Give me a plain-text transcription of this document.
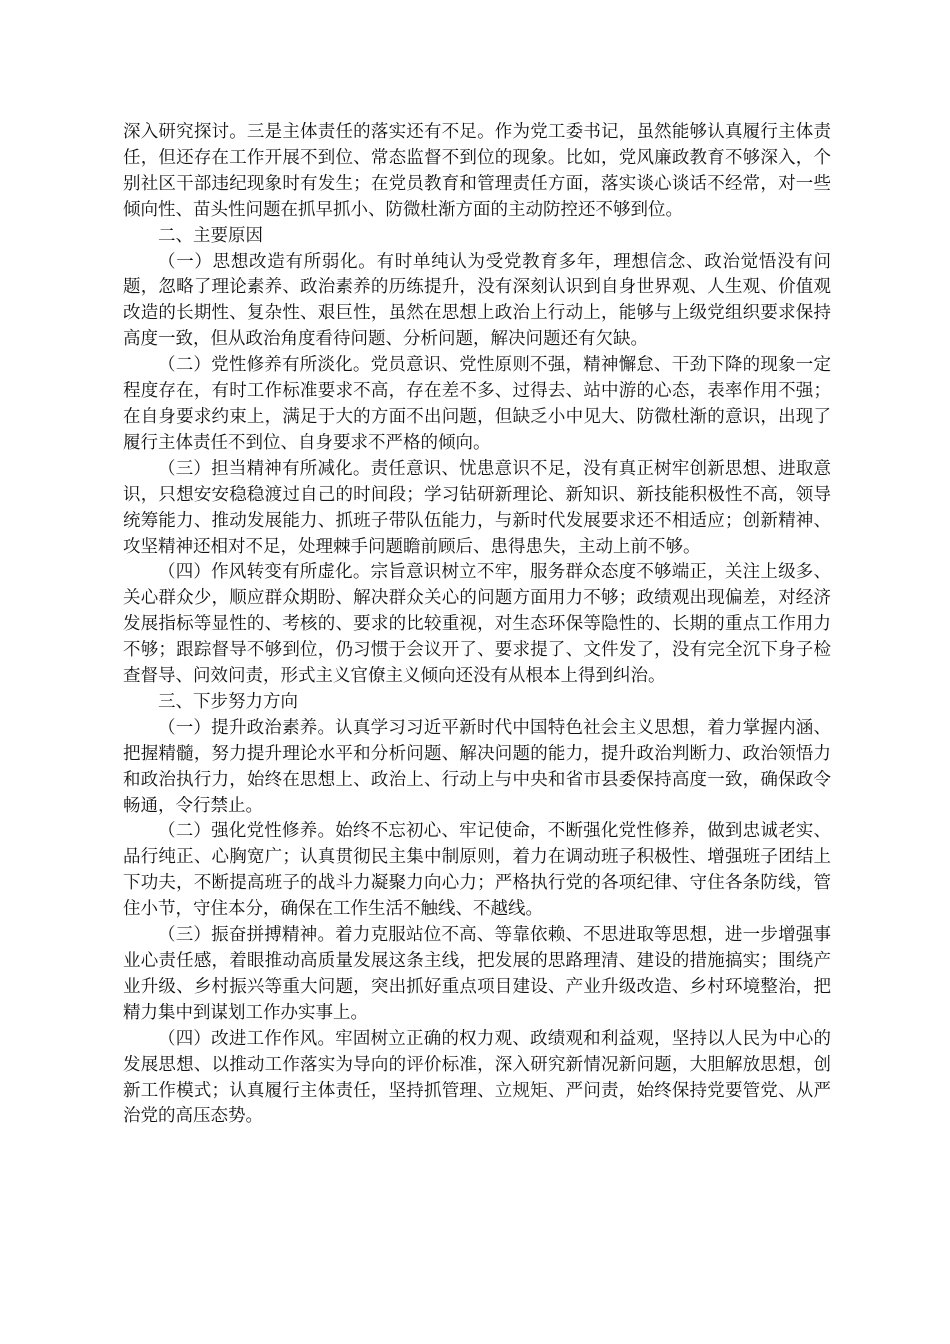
深入研究探讨。三是主体责任的落实还有不足。作为党工委书记，虽然能够认真履行主体责任，但还存在工作开展不到位、常态监督不到位的现象。比如，党风廉政教育不够深入，个别社区干部违纪现象时有发生；在党员教育和管理责任方面，落实谈心谈话不经常，对一些倾向性、苗头性问题在抓早抓小、防微杜渐方面的主动防控还不够到位。

二、主要原因

（一）思想改造有所弱化。有时单纯认为受党教育多年，理想信念、政治觉悟没有问题，忽略了理论素养、政治素养的历练提升，没有深刻认识到自身世界观、人生观、价值观改造的长期性、复杂性、艰巨性，虽然在思想上政治上行动上，能够与上级党组织要求保持高度一致，但从政治角度看待问题、分析问题，解决问题还有欠缺。

（二）党性修养有所淡化。党员意识、党性原则不强，精神懈怠、干劲下降的现象一定程度存在，有时工作标准要求不高，存在差不多、过得去、站中游的心态，表率作用不强；在自身要求约束上，满足于大的方面不出问题，但缺乏小中见大、防微杜渐的意识，出现了履行主体责任不到位、自身要求不严格的倾向。

（三）担当精神有所减化。责任意识、忧患意识不足，没有真正树牢创新思想、进取意识，只想安安稳稳渡过自己的时间段；学习钻研新理论、新知识、新技能积极性不高，领导统筹能力、推动发展能力、抓班子带队伍能力，与新时代发展要求还不相适应；创新精神、攻坚精神还相对不足，处理棘手问题瞻前顾后、患得患失，主动上前不够。

（四）作风转变有所虚化。宗旨意识树立不牢，服务群众态度不够端正，关注上级多、关心群众少，顺应群众期盼、解决群众关心的问题方面用力不够；政绩观出现偏差，对经济发展指标等显性的、考核的、要求的比较重视，对生态环保等隐性的、长期的重点工作用力不够；跟踪督导不够到位，仍习惯于会议开了、要求提了、文件发了，没有完全沉下身子检查督导、问效问责，形式主义官僚主义倾向还没有从根本上得到纠治。

三、下步努力方向

（一）提升政治素养。认真学习习近平新时代中国特色社会主义思想，着力掌握内涵、把握精髓，努力提升理论水平和分析问题、解决问题的能力，提升政治判断力、政治领悟力和政治执行力，始终在思想上、政治上、行动上与中央和省市县委保持高度一致，确保政令畅通，令行禁止。

（二）强化党性修养。始终不忘初心、牢记使命，不断强化党性修养，做到忠诚老实、品行纯正、心胸宽广；认真贯彻民主集中制原则，着力在调动班子积极性、增强班子团结上下功夫，不断提高班子的战斗力凝聚力向心力；严格执行党的各项纪律、守住各条防线，管住小节，守住本分，确保在工作生活不触线、不越线。

（三）振奋拼搏精神。着力克服站位不高、等靠依赖、不思进取等思想，进一步增强事业心责任感，着眼推动高质量发展这条主线，把发展的思路理清、建设的措施搞实；围绕产业升级、乡村振兴等重大问题，突出抓好重点项目建设、产业升级改造、乡村环境整治，把精力集中到谋划工作办实事上。

（四）改进工作作风。牢固树立正确的权力观、政绩观和利益观，坚持以人民为中心的发展思想、以推动工作落实为导向的评价标准，深入研究新情况新问题，大胆解放思想，创新工作模式；认真履行主体责任，坚持抓管理、立规矩、严问责，始终保持党要管党、从严治党的高压态势。
